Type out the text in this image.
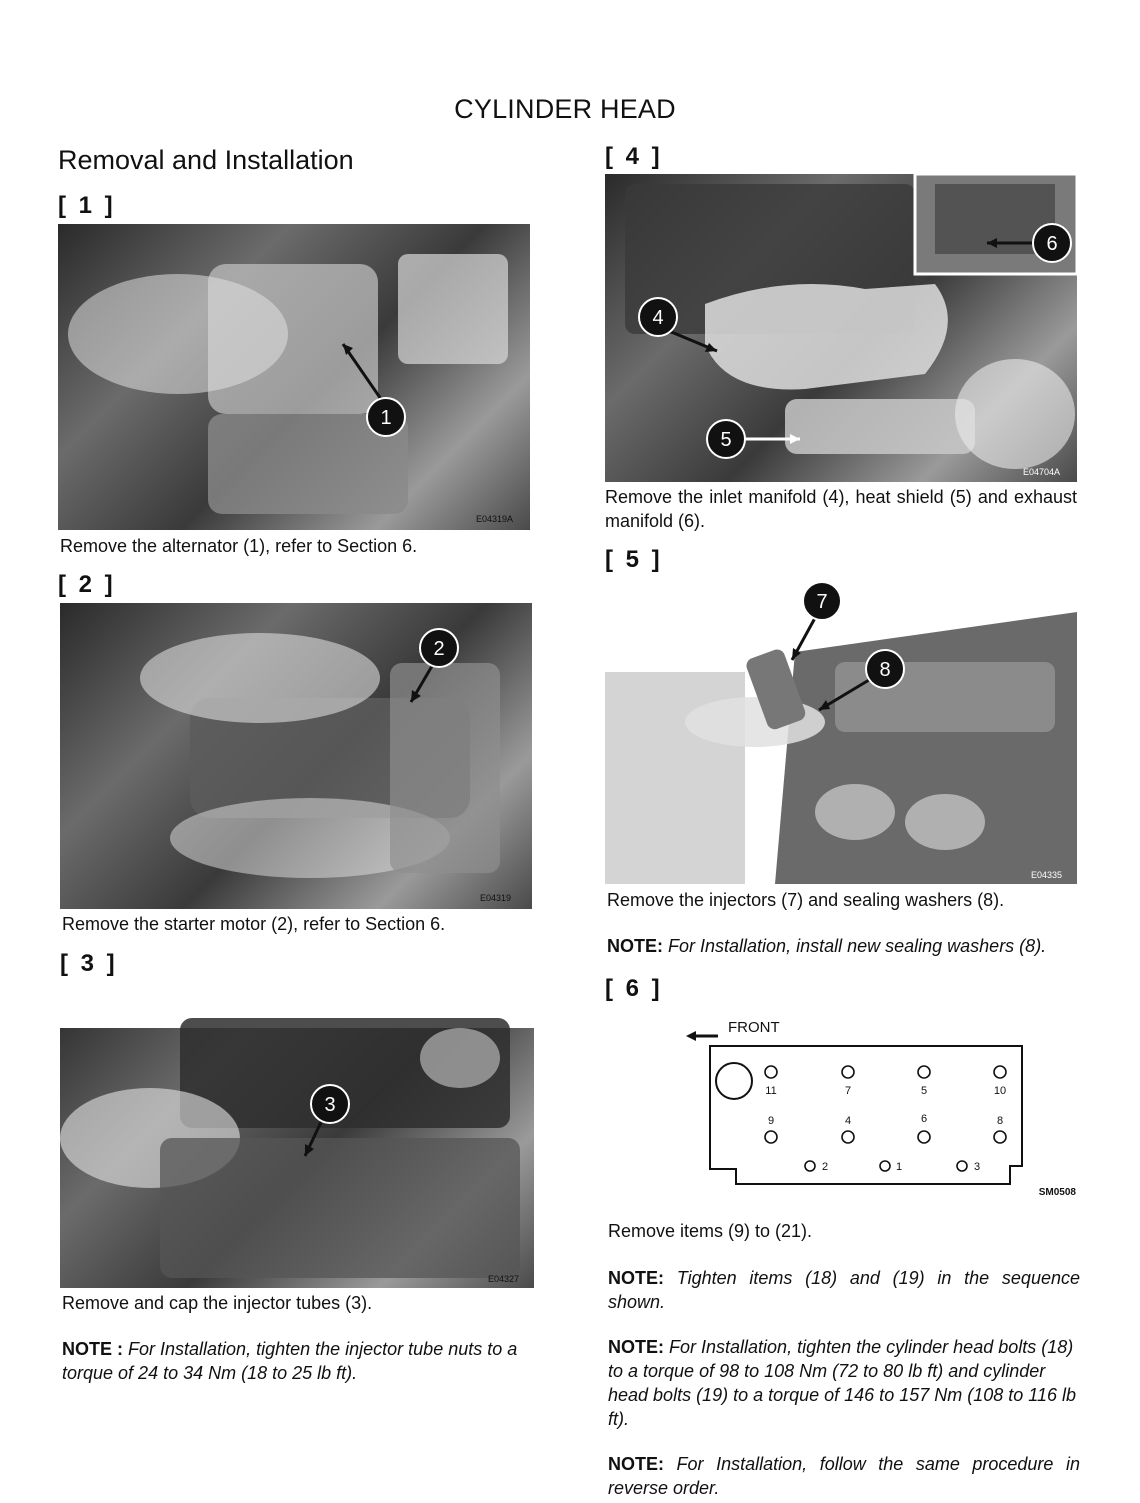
CYLINDER HEAD
Removal and Installation
[ 1 ]
1
E04319A
Remove the alternator (1), refer to Section 6.
[ 2 ]
2
E04319
Remove the starter motor (2), refer to Section 6.
[ 3 ]
3
E04327
Remove and cap the injector tubes (3).
NOTE : For Installation, tighten the injector tube nuts to a torque of 24 to 34 Nm (18 to 25 lb ft).
[ 4 ]
4
5
6
E04704A
Remove the inlet manifold (4), heat shield (5) and exhaust manifold (6).
[ 5 ]
7
8
E04335
Remove the injectors (7) and sealing washers (8).
NOTE: For Installation, install new sealing washers (8).
[ 6 ]
FRONT
11	7	5	10
9	4	6	8
2	1	3
SM0508
Remove items (9) to (21).
NOTE: Tighten items (18) and (19) in the sequence shown.
NOTE: For Installation, tighten the cylinder head bolts (18) to a torque of 98 to 108 Nm (72 to 80 lb ft) and cylinder head bolts (19) to a torque of 146 to 157 Nm (108 to 116 lb ft).
NOTE: For Installation, follow the same procedure in reverse order.
